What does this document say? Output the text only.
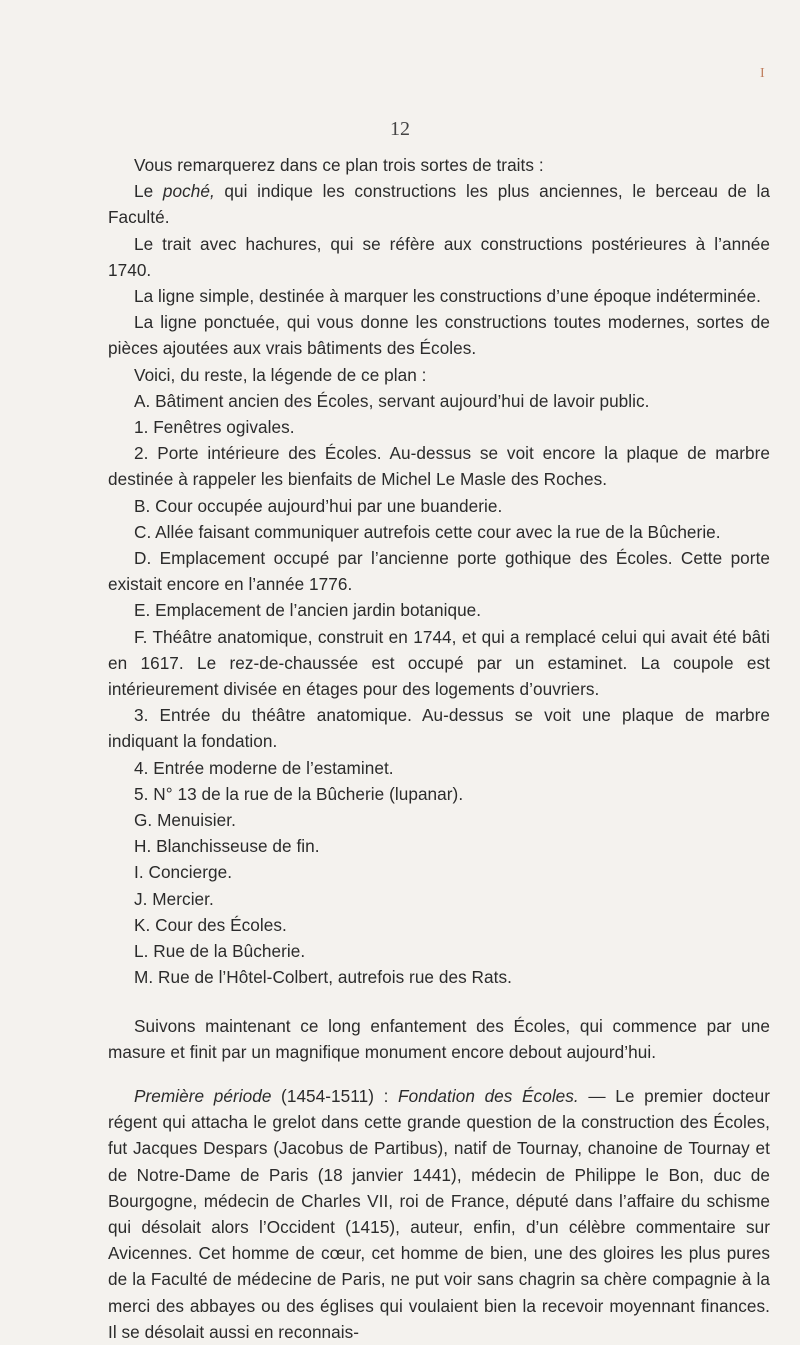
I
12

Vous remarquerez dans ce plan trois sortes de traits :

Le poché, qui indique les constructions les plus anciennes, le berceau de la Faculté.

Le trait avec hachures, qui se réfère aux constructions postérieures à l’année 1740.

La ligne simple, destinée à marquer les constructions d’une époque indéterminée.

La ligne ponctuée, qui vous donne les constructions toutes modernes, sortes de pièces ajoutées aux vrais bâtiments des Écoles.

Voici, du reste, la légende de ce plan :

A. Bâtiment ancien des Écoles, servant aujourd’hui de lavoir public.

1. Fenêtres ogivales.

2. Porte intérieure des Écoles. Au-dessus se voit encore la plaque de marbre destinée à rappeler les bienfaits de Michel Le Masle des Roches.

B. Cour occupée aujourd’hui par une buanderie.

C. Allée faisant communiquer autrefois cette cour avec la rue de la Bûcherie.

D. Emplacement occupé par l’ancienne porte gothique des Écoles. Cette porte existait encore en l’année 1776.

E. Emplacement de l’ancien jardin botanique.

F. Théâtre anatomique, construit en 1744, et qui a remplacé celui qui avait été bâti en 1617. Le rez-de-chaussée est occupé par un estaminet. La coupole est intérieurement divisée en étages pour des logements d’ouvriers.

3. Entrée du théâtre anatomique. Au-dessus se voit une plaque de marbre indiquant la fondation.

4. Entrée moderne de l’estaminet.

5. N° 13 de la rue de la Bûcherie (lupanar).

G. Menuisier.

H. Blanchisseuse de fin.

I. Concierge.

J. Mercier.

K. Cour des Écoles.

L. Rue de la Bûcherie.

M. Rue de l’Hôtel-Colbert, autrefois rue des Rats.

Suivons maintenant ce long enfantement des Écoles, qui commence par une masure et finit par un magnifique monument encore debout aujourd’hui.

Première période (1454-1511) : Fondation des Écoles. — Le premier docteur régent qui attacha le grelot dans cette grande question de la construction des Écoles, fut Jacques Despars (Jacobus de Partibus), natif de Tournay, chanoine de Tournay et de Notre-Dame de Paris (18 janvier 1441), médecin de Philippe le Bon, duc de Bourgogne, médecin de Charles VII, roi de France, député dans l’affaire du schisme qui désolait alors l’Occident (1415), auteur, enfin, d’un célèbre commentaire sur Avicennes. Cet homme de cœur, cet homme de bien, une des gloires les plus pures de la Faculté de médecine de Paris, ne put voir sans chagrin sa chère compagnie à la merci des abbayes ou des églises qui voulaient bien la recevoir moyennant finances. Il se désolait aussi en reconnais-
